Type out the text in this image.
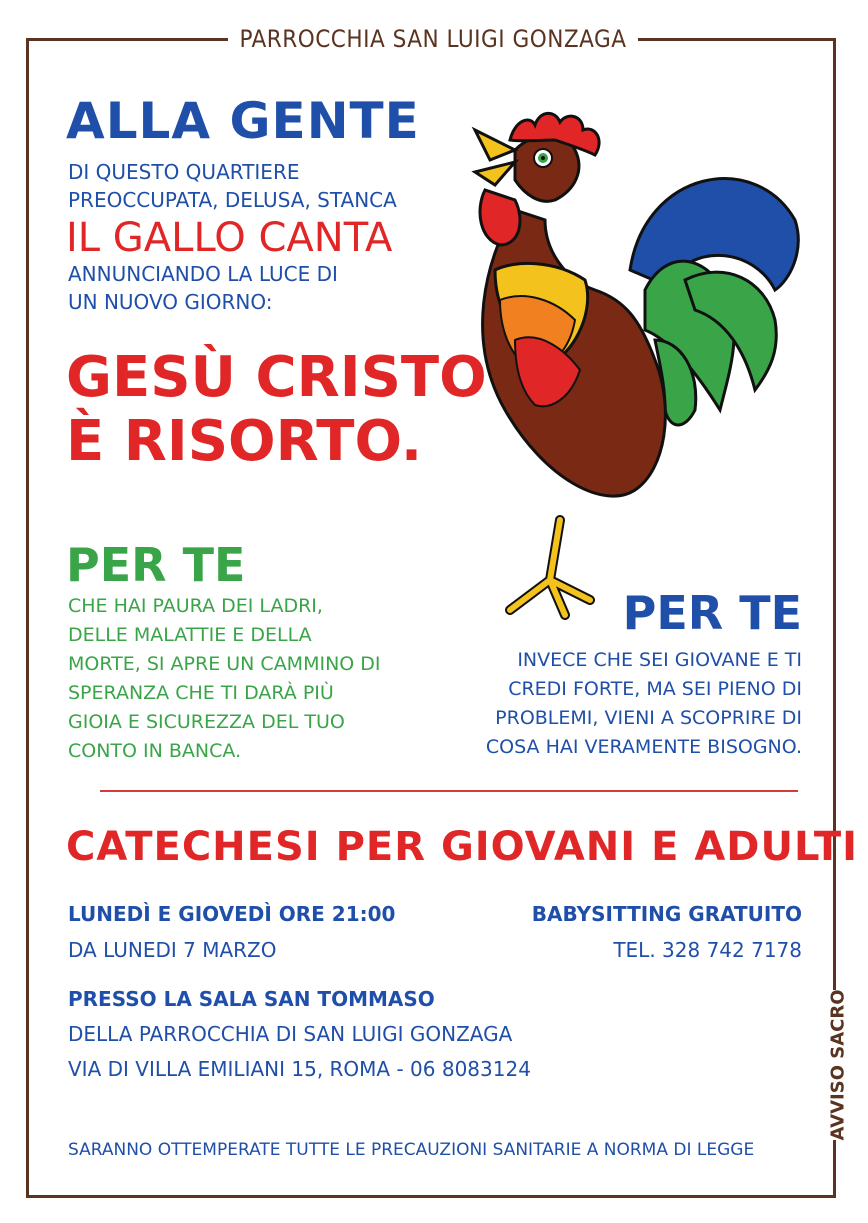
PARROCCHIA SAN LUIGI GONZAGA
AVVISO SACRO
ALLA GENTE
DI QUESTO QUARTIERE
PREOCCUPATA, DELUSA, STANCA
IL GALLO CANTA
ANNUNCIANDO LA LUCE DI
UN NUOVO GIORNO:
GESÙ CRISTO
È RISORTO.
PER TE
CHE HAI PAURA DEI LADRI,
DELLE MALATTIE E DELLA
MORTE, SI APRE UN CAMMINO DI
SPERANZA CHE TI DARÀ PIÙ
GIOIA E SICUREZZA DEL TUO
CONTO IN BANCA.
PER TE
INVECE CHE SEI GIOVANE E TI
CREDI FORTE, MA SEI PIENO DI
PROBLEMI, VIENI A SCOPRIRE DI
COSA HAI VERAMENTE BISOGNO.
CATECHESI PER GIOVANI E ADULTI
LUNEDÌ E GIOVEDÌ ORE 21:00
DA LUNEDI 7 MARZO
BABYSITTING GRATUITO
TEL. 328 742 7178
PRESSO LA SALA SAN TOMMASO
DELLA PARROCCHIA DI SAN LUIGI GONZAGA
VIA DI VILLA EMILIANI 15, ROMA - 06 8083124
SARANNO OTTEMPERATE TUTTE LE PRECAUZIONI SANITARIE A NORMA DI LEGGE
